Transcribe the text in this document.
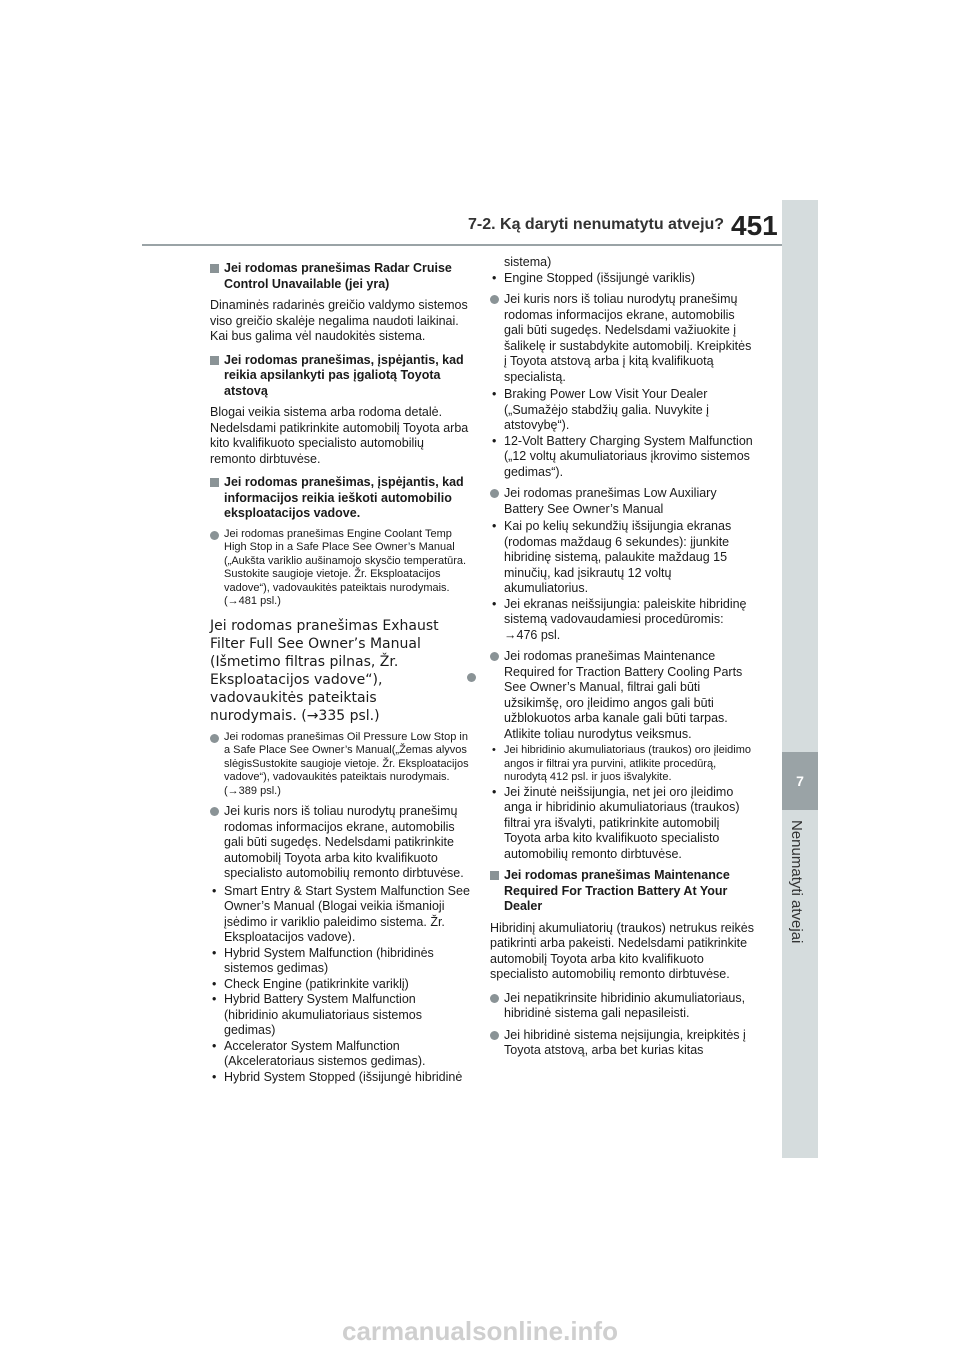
7-2. Ką daryti nenumatytu atveju? 451
7
Nenumatyti atvejai
Jei rodomas pranešimas Radar Cruise Control Unavailable (jei yra)

Dinaminės radarinės greičio valdymo sistemos viso greičio skalėje negalima naudoti laikinai. Kai bus galima vėl naudokitės sistema.

Jei rodomas pranešimas, įspėjantis, kad reikia apsilankyti pas įgaliotą Toyota atstovą

Blogai veikia sistema arba rodoma detalė. Nedelsdami patikrinkite automobilį Toyota arba kito kvalifikuoto specialisto automobilių remonto dirbtuvėse.

Jei rodomas pranešimas, įspėjantis, kad informacijos reikia ieškoti automobilio eksploatacijos vadove.
Jei rodomas pranešimas Engine Coolant Temp High Stop in a Safe Place See Owner’s Manual („Aukšta variklio aušinamojo skysčio temperatūra. Sustokite saugioje vietoje. Žr. Eksploatacijos vadove“), vadovaukitės pateiktais nurodymais. (→481 psl.)
Jei rodomas pranešimas Exhaust Filter Full See Owner’s Manual (Išmetimo filtras pilnas, Žr. Eksploatacijos vadove“), vadovaukitės pateiktais nurodymais. (→335 psl.)
Jei rodomas pranešimas Oil Pressure Low Stop in a Safe Place See Owner’s Manual(„Žemas alyvos slėgisSustokite saugioje vietoje. Žr. Eksploatacijos vadove“), vadovaukitės pateiktais nurodymais. (→389 psl.)
Jei kuris nors iš toliau nurodytų pranešimų rodomas informacijos ekrane, automobilis gali būti sugedęs. Nedelsdami patikrinkite automobilį Toyota arba kito kvalifikuoto specialisto automobilių remonto dirbtuvėse.

• Smart Entry & Start System Malfunction See Owner’s Manual (Blogai veikia išmanioji įsėdimo ir variklio paleidimo sistema. Žr. Eksploatacijos vadove).

• Hybrid System Malfunction (hibridinės sistemos gedimas)

• Check Engine (patikrinkite variklį)

• Hybrid Battery System Malfunction (hibridinio akumuliatoriaus sistemos gedimas)

• Accelerator System Malfunction (Akceleratoriaus sistemos gedimas).

• Hybrid System Stopped (išsijungė hibridinė

sistema)

• Engine Stopped (išsijungė variklis)

Jei kuris nors iš toliau nurodytų pranešimų rodomas informacijos ekrane, automobilis gali būti sugedęs. Nedelsdami važiuokite į šalikelę ir sustabdykite automobilį. Kreipkitės į Toyota atstovą arba į kitą kvalifikuotą specialistą.

• Braking Power Low Visit Your Dealer („Sumažėjo stabdžių galia. Nuvykite į atstovybę“).

• 12-Volt Battery Charging System Malfunction („12 voltų akumuliatoriaus įkrovimo sistemos gedimas“).

Jei rodomas pranešimas Low Auxiliary Battery See Owner’s Manual

• Kai po kelių sekundžių išsijungia ekranas (rodomas maždaug 6 sekundes): įjunkite hibridinę sistemą, palaukite maždaug 15 minučių, kad įsikrautų 12 voltų akumuliatorius.

• Jei ekranas neišsijungia: paleiskite hibridinę sistemą vadovaudamiesi procedūromis: →476 psl.

Jei rodomas pranešimas Maintenance Required for Traction Battery Cooling Parts See Owner’s Manual, filtrai gali būti užsikimšę, oro įleidimo angos gali būti užblokuotos arba kanale gali būti tarpas. Atlikite toliau nurodytus veiksmus.

• Jei hibridinio akumuliatoriaus (traukos) oro įleidimo angos ir filtrai yra purvini, atlikite procedūrą, nurodytą 412 psl. ir juos išvalykite.

• Jei žinutė neišsijungia, net jei oro įleidimo anga ir hibridinio akumuliatoriaus (traukos) filtrai yra išvalyti, patikrinkite automobilį Toyota arba kito kvalifikuoto specialisto automobilių remonto dirbtuvėse.

Jei rodomas pranešimas Maintenance Required For Traction Battery At Your Dealer

Hibridinį akumuliatorių (traukos) netrukus reikės patikrinti arba pakeisti. Nedelsdami patikrinkite automobilį Toyota arba kito kvalifikuoto specialisto automobilių remonto dirbtuvėse.

Jei nepatikrinsite hibridinio akumuliatoriaus, hibridinė sistema gali nepasileisti.
Jei hibridinė sistema neįsijungia, kreipkitės į Toyota atstovą, arba bet kurias kitas
carmanualsonline.info
